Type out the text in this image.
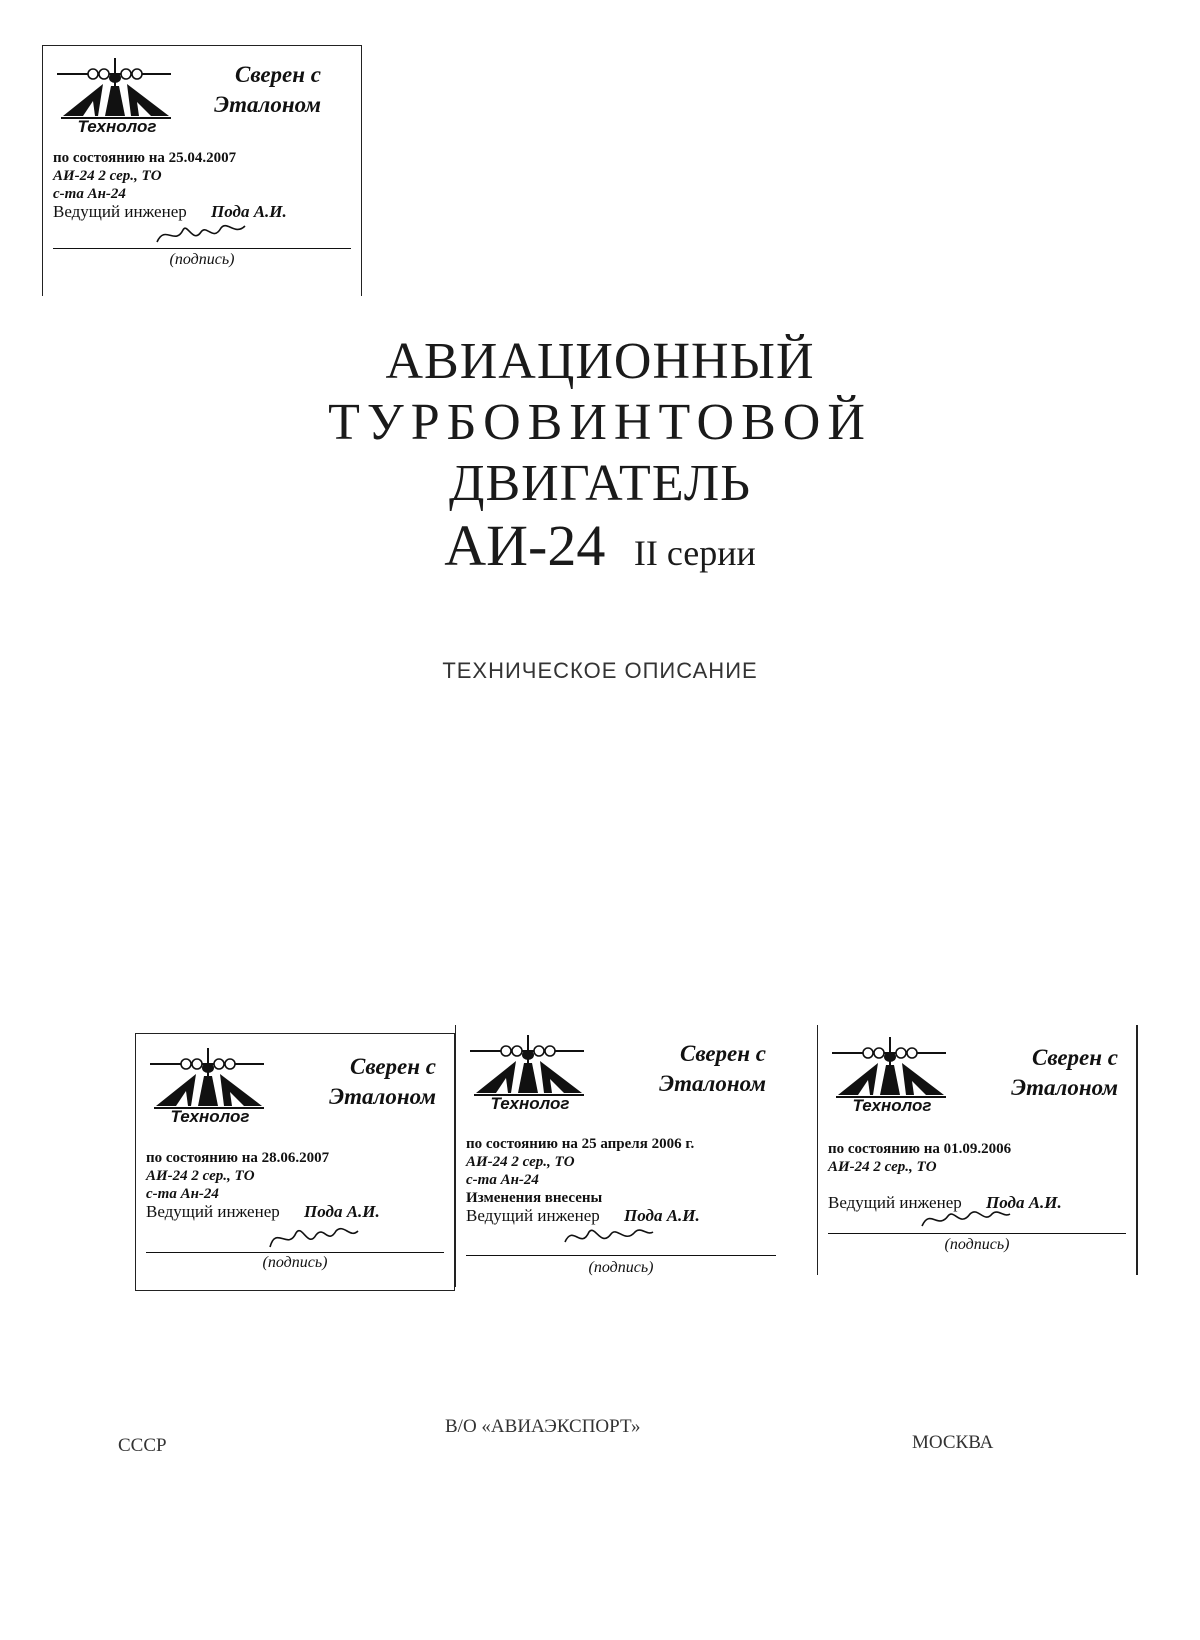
Технолог
Сверен с
Эталоном
по состоянию на 25.04.2007
АИ-24 2 сер., ТО
с-та Ан-24
Ведущий инженер Пода А.И.
(подпись)
АВИАЦИОННЫЙ
ТУРБОВИНТОВОЙ
ДВИГАТЕЛЬ
АИ-24 II серии
ТЕХНИЧЕСКОЕ ОПИСАНИЕ
Технолог
Сверен с
Эталоном
по состоянию на 28.06.2007
АИ-24 2 сер., ТО
с-та Ан-24
Ведущий инженер Пода А.И.
(подпись)
Технолог
Сверен с
Эталоном
по состоянию на 25 апреля 2006 г.
АИ-24 2 сер., ТО
с-та Ан-24
Изменения внесены
Ведущий инженер Пода А.И.
(подпись)
Технолог
Сверен с
Эталоном
по состоянию на 01.09.2006
АИ-24 2 сер., ТО
Ведущий инженер Пода А.И.
(подпись)
СССР
В/О «АВИАЭКСПОРТ»
МОСКВА
